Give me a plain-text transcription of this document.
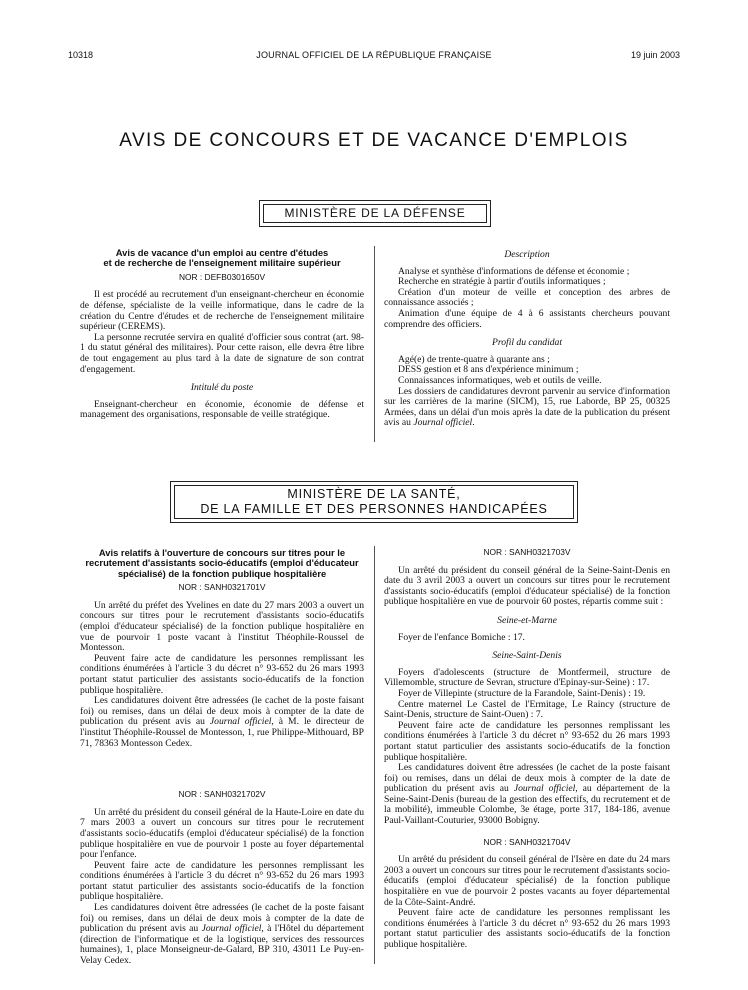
10318	JOURNAL OFFICIEL DE LA RÉPUBLIQUE FRANÇAISE	19 juin 2003
AVIS DE CONCOURS ET DE VACANCE D'EMPLOIS
MINISTÈRE DE LA DÉFENSE
Avis de vacance d'un emploi au centre d'études
et de recherche de l'enseignement militaire supérieur
NOR : DEFB0301650V

Il est procédé au recrutement d'un enseignant-chercheur en économie de défense, spécialiste de la veille informatique, dans le cadre de la création du Centre d'études et de recherche de l'enseignement militaire supérieur (CEREMS).

La personne recrutée servira en qualité d'officier sous contrat (art. 98-1 du statut général des militaires). Pour cette raison, elle devra être libre de tout engagement au plus tard à la date de signature de son contrat d'engagement.

Intitulé du poste

Enseignant-chercheur en économie, économie de défense et management des organisations, responsable de veille stratégique.

Description

Analyse et synthèse d'informations de défense et économie ;

Recherche en stratégie à partir d'outils informatiques ;

Création d'un moteur de veille et conception des arbres de connaissance associés ;

Animation d'une équipe de 4 à 6 assistants chercheurs pouvant comprendre des officiers.

Profil du candidat

Agé(e) de trente-quatre à quarante ans ;

DESS gestion et 8 ans d'expérience minimum ;

Connaissances informatiques, web et outils de veille.

Les dossiers de candidatures devront parvenir au service d'information sur les carrières de la marine (SICM), 15, rue Laborde, BP 25, 00325 Armées, dans un délai d'un mois après la date de la publication du présent avis au Journal officiel.

MINISTÈRE DE LA SANTÉ,
DE LA FAMILLE ET DES PERSONNES HANDICAPÉES
Avis relatifs à l'ouverture de concours sur titres pour le recrutement d'assistants socio-éducatifs (emploi d'éducateur spécialisé) de la fonction publique hospitalière
NOR : SANH0321701V

Un arrêté du préfet des Yvelines en date du 27 mars 2003 a ouvert un concours sur titres pour le recrutement d'assistants socio-éducatifs (emploi d'éducateur spécialisé) de la fonction publique hospitalière en vue de pourvoir 1 poste vacant à l'institut Théophile-Roussel de Montesson.

Peuvent faire acte de candidature les personnes remplissant les conditions énumérées à l'article 3 du décret n° 93-652 du 26 mars 1993 portant statut particulier des assistants socio-éducatifs de la fonction publique hospitalière.

Les candidatures doivent être adressées (le cachet de la poste faisant foi) ou remises, dans un délai de deux mois à compter de la date de publication du présent avis au Journal officiel, à M. le directeur de l'institut Théophile-Roussel de Montesson, 1, rue Philippe-Mithouard, BP 71, 78363 Montesson Cedex.

NOR : SANH0321702V

Un arrêté du président du conseil général de la Haute-Loire en date du 7 mars 2003 a ouvert un concours sur titres pour le recrutement d'assistants socio-éducatifs (emploi d'éducateur spécialisé) de la fonction publique hospitalière en vue de pourvoir 1 poste au foyer départemental pour l'enfance.

Peuvent faire acte de candidature les personnes remplissant les conditions énumérées à l'article 3 du décret n° 93-652 du 26 mars 1993 portant statut particulier des assistants socio-éducatifs de la fonction publique hospitalière.

Les candidatures doivent être adressées (le cachet de la poste faisant foi) ou remises, dans un délai de deux mois à compter de la date de publication du présent avis au Journal officiel, à l'Hôtel du département (direction de l'informatique et de la logistique, services des ressources humaines), 1, place Monseigneur-de-Galard, BP 310, 43011 Le Puy-en-Velay Cedex.

NOR : SANH0321703V

Un arrêté du président du conseil général de la Seine-Saint-Denis en date du 3 avril 2003 a ouvert un concours sur titres pour le recrutement d'assistants socio-éducatifs (emploi d'éducateur spécialisé) de la fonction publique hospitalière en vue de pourvoir 60 postes, répartis comme suit :

Seine-et-Marne

Foyer de l'enfance Bomiche : 17.

Seine-Saint-Denis

Foyers d'adolescents (structure de Montfermeil, structure de Villemomble, structure de Sevran, structure d'Epinay-sur-Seine) : 17.

Foyer de Villepinte (structure de la Farandole, Saint-Denis) : 19.

Centre maternel Le Castel de l'Ermitage, Le Raincy (structure de Saint-Denis, structure de Saint-Ouen) : 7.

Peuvent faire acte de candidature les personnes remplissant les conditions énumérées à l'article 3 du décret n° 93-652 du 26 mars 1993 portant statut particulier des assistants socio-éducatifs de la fonction publique hospitalière.

Les candidatures doivent être adressées (le cachet de la poste faisant foi) ou remises, dans un délai de deux mois à compter de la date de publication du présent avis au Journal officiel, au département de la Seine-Saint-Denis (bureau de la gestion des effectifs, du recrutement et de la mobilité), immeuble Colombe, 3e étage, porte 317, 184-186, avenue Paul-Vaillant-Couturier, 93000 Bobigny.

NOR : SANH0321704V

Un arrêté du président du conseil général de l'Isère en date du 24 mars 2003 a ouvert un concours sur titres pour le recrutement d'assistants socio-éducatifs (emploi d'éducateur spécialisé) de la fonction publique hospitalière en vue de pourvoir 2 postes vacants au foyer départemental de la Côte-Saint-André.

Peuvent faire acte de candidature les personnes remplissant les conditions énumérées à l'article 3 du décret n° 93-652 du 26 mars 1993 portant statut particulier des assistants socio-éducatifs de la fonction publique hospitalière.
